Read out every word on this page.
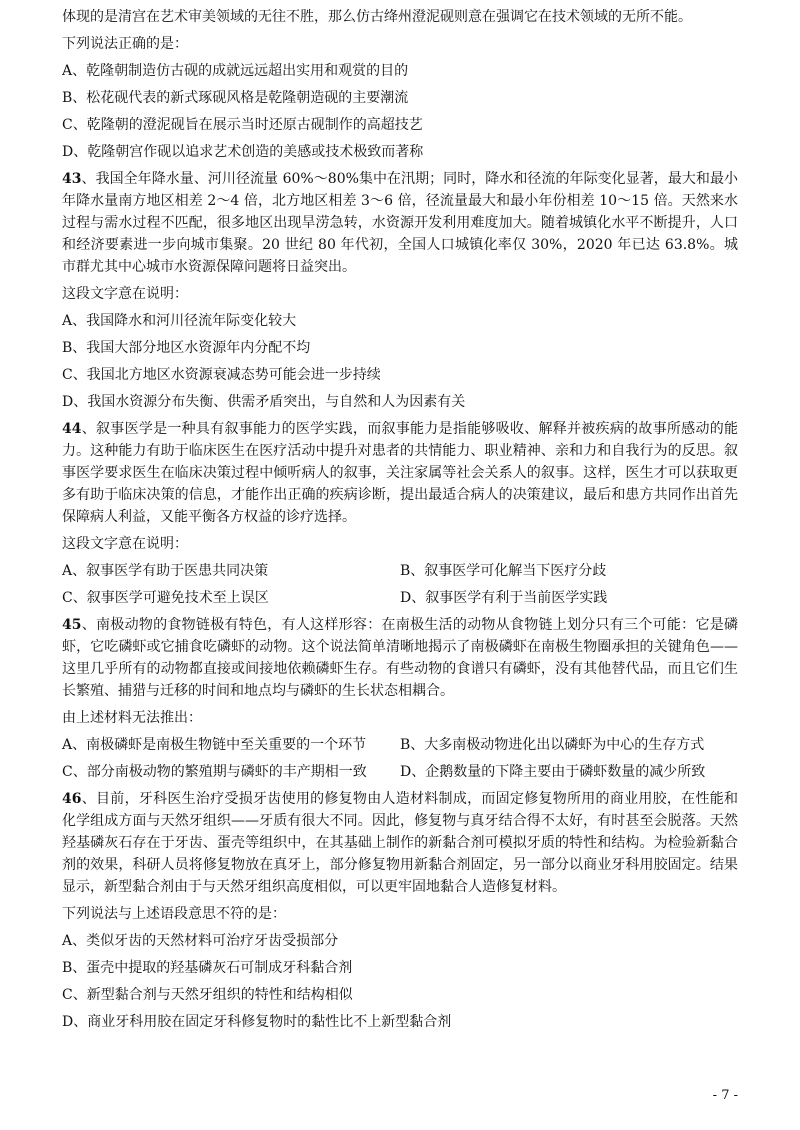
体现的是清宫在艺术审美领域的无往不胜，那么仿古绛州澄泥砚则意在强调它在技术领域的无所不能。

下列说法正确的是：

A、乾隆朝制造仿古砚的成就远远超出实用和观赏的目的

B、松花砚代表的新式琢砚风格是乾隆朝造砚的主要潮流

C、乾隆朝的澄泥砚旨在展示当时还原古砚制作的高超技艺

D、乾隆朝宫作砚以追求艺术创造的美感或技术极致而著称

43、我国全年降水量、河川径流量 60%～80%集中在汛期；同时，降水和径流的年际变化显著，最大和最小年降水量南方地区相差 2～4 倍，北方地区相差 3～6 倍，径流量最大和最小年份相差 10～15 倍。天然来水过程与需水过程不匹配，很多地区出现旱涝急转，水资源开发利用难度加大。随着城镇化水平不断提升，人口和经济要素进一步向城市集聚。20 世纪 80 年代初，全国人口城镇化率仅 30%，2020 年已达 63.8%。城市群尤其中心城市水资源保障问题将日益突出。

这段文字意在说明：

A、我国降水和河川径流年际变化较大

B、我国大部分地区水资源年内分配不均

C、我国北方地区水资源衰减态势可能会进一步持续

D、我国水资源分布失衡、供需矛盾突出，与自然和人为因素有关

44、叙事医学是一种具有叙事能力的医学实践，而叙事能力是指能够吸收、解释并被疾病的故事所感动的能力。这种能力有助于临床医生在医疗活动中提升对患者的共情能力、职业精神、亲和力和自我行为的反思。叙事医学要求医生在临床决策过程中倾听病人的叙事，关注家属等社会关系人的叙事。这样，医生才可以获取更多有助于临床决策的信息，才能作出正确的疾病诊断，提出最适合病人的决策建议，最后和患方共同作出首先保障病人利益，又能平衡各方权益的诊疗选择。

这段文字意在说明：

A、叙事医学有助于医患共同决策	B、叙事医学可化解当下医疗分歧

C、叙事医学可避免技术至上误区	D、叙事医学有利于当前医学实践

45、南极动物的食物链极有特色，有人这样形容：在南极生活的动物从食物链上划分只有三个可能：它是磷虾，它吃磷虾或它捕食吃磷虾的动物。这个说法简单清晰地揭示了南极磷虾在南极生物圈承担的关键角色——这里几乎所有的动物都直接或间接地依赖磷虾生存。有些动物的食谱只有磷虾，没有其他替代品，而且它们生长繁殖、捕猎与迁移的时间和地点均与磷虾的生长状态相耦合。

由上述材料无法推出：

A、南极磷虾是南极生物链中至关重要的一个环节	B、大多南极动物进化出以磷虾为中心的生存方式

C、部分南极动物的繁殖期与磷虾的丰产期相一致	D、企鹅数量的下降主要由于磷虾数量的减少所致

46、目前，牙科医生治疗受损牙齿使用的修复物由人造材料制成，而固定修复物所用的商业用胶，在性能和化学组成方面与天然牙组织——牙质有很大不同。因此，修复物与真牙结合得不太好，有时甚至会脱落。天然羟基磷灰石存在于牙齿、蛋壳等组织中，在其基础上制作的新黏合剂可模拟牙质的特性和结构。为检验新黏合剂的效果，科研人员将修复物放在真牙上，部分修复物用新黏合剂固定，另一部分以商业牙科用胶固定。结果显示，新型黏合剂由于与天然牙组织高度相似，可以更牢固地黏合人造修复材料。

下列说法与上述语段意思不符的是：

A、类似牙齿的天然材料可治疗牙齿受损部分

B、蛋壳中提取的羟基磷灰石可制成牙科黏合剂

C、新型黏合剂与天然牙组织的特性和结构相似

D、商业牙科用胶在固定牙科修复物时的黏性比不上新型黏合剂

- 7 -
